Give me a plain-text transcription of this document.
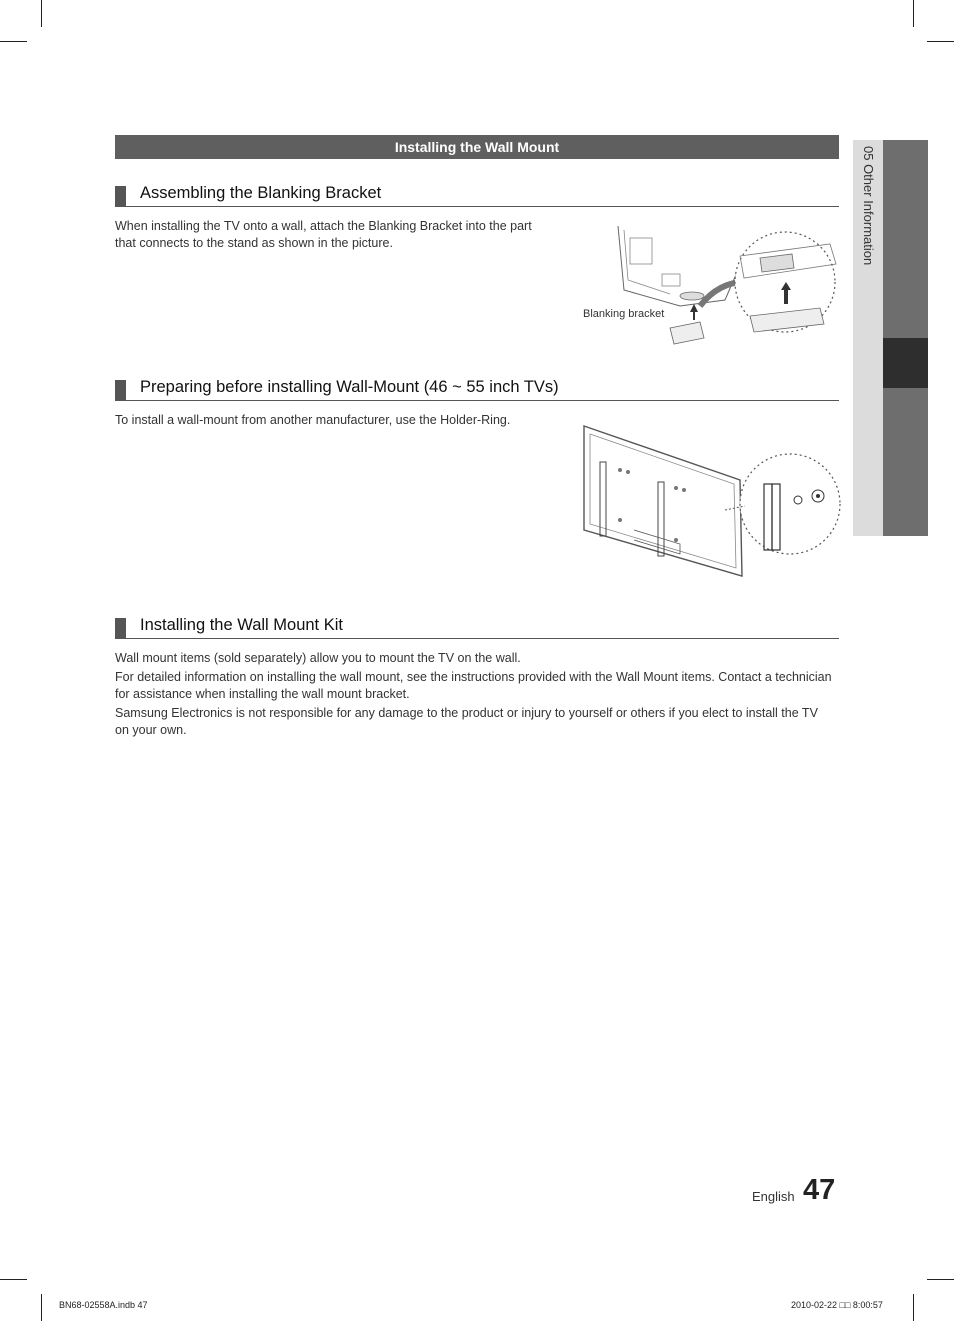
05 Other Information
Installing the Wall Mount
Assembling the Blanking Bracket

When installing the TV onto a wall, attach the Blanking Bracket into the part that connects to the stand as shown in the picture.

Blanking bracket
Preparing before installing Wall-Mount (46 ~ 55 inch TVs)

To install a wall-mount from another manufacturer, use the Holder-Ring.

Installing the Wall Mount Kit

Wall mount items (sold separately) allow you to mount the TV on the wall.

For detailed information on installing the wall mount, see the instructions provided with the Wall Mount items. Contact a technician for assistance when installing the wall mount bracket.

Samsung Electronics is not responsible for any damage to the product or injury to yourself or others if you elect to install the TV on your own.

English 47
BN68-02558A.indb 47	2010-02-22 □□ 8:00:57
